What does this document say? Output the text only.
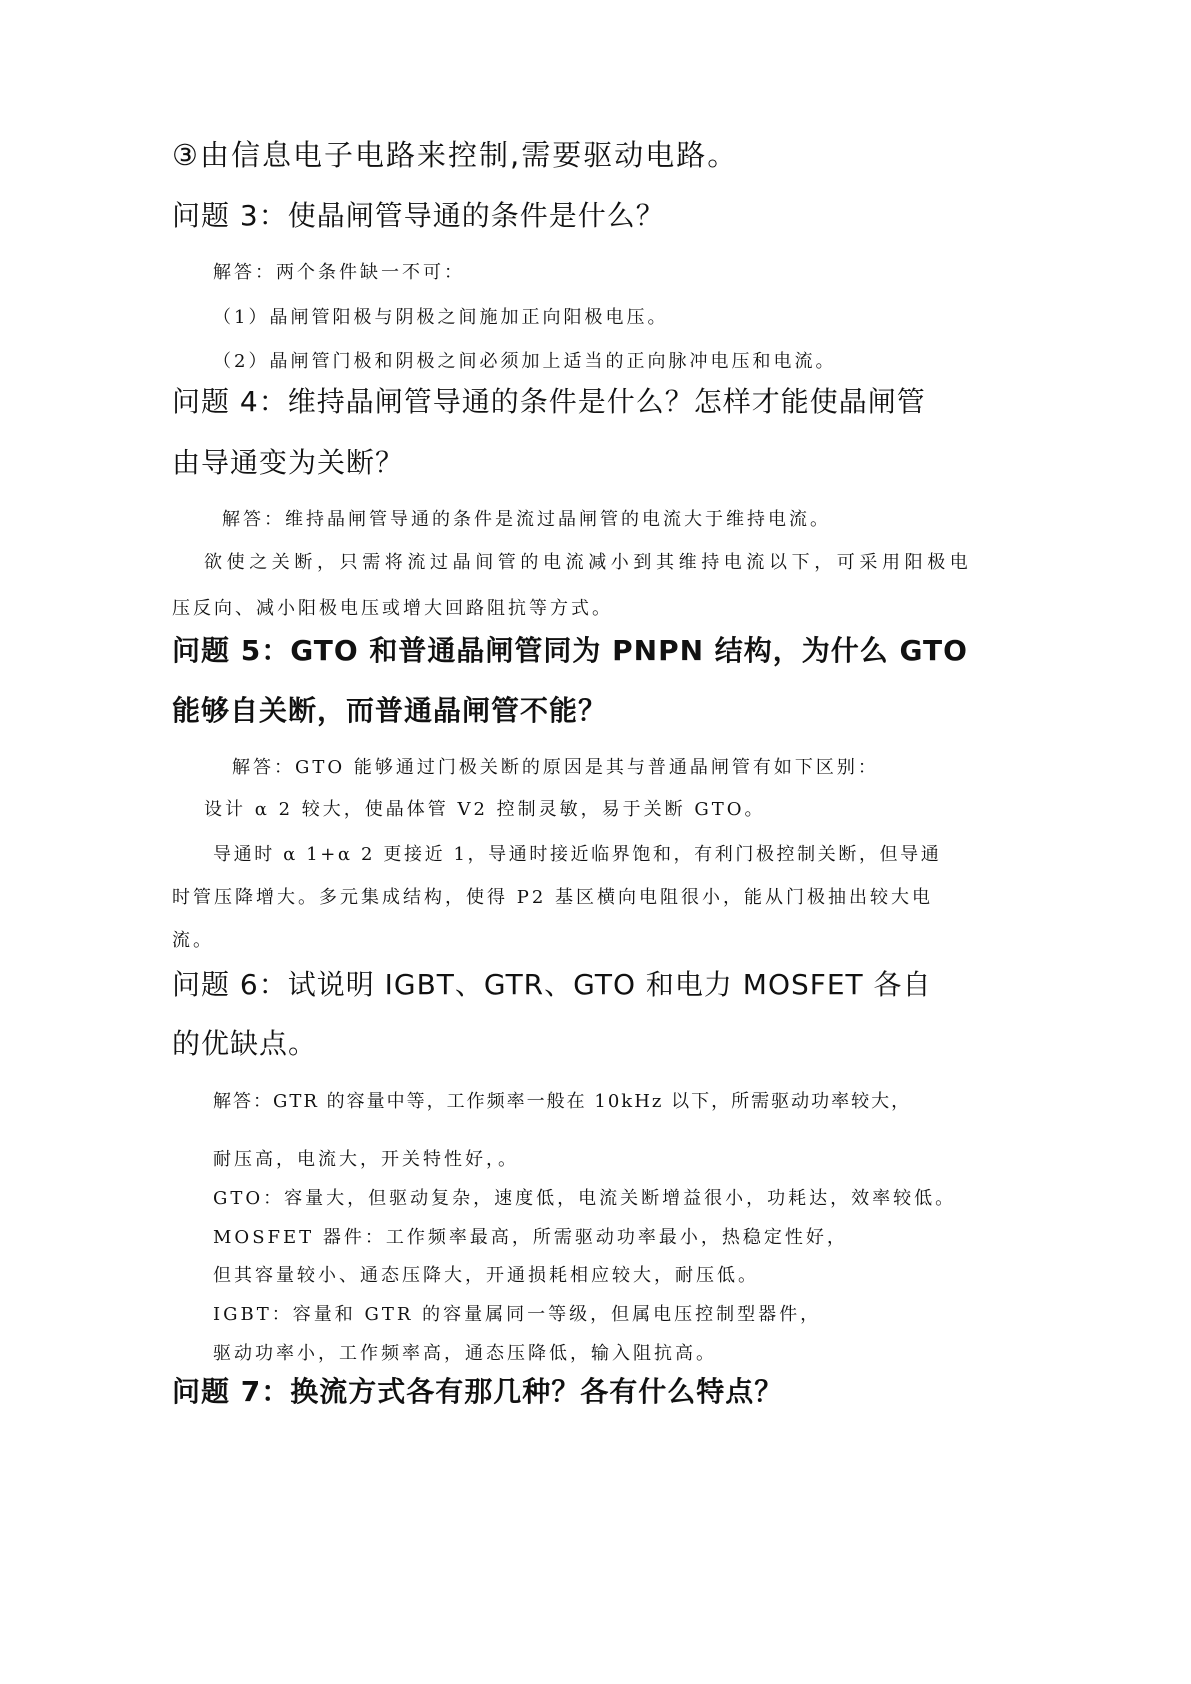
③由信息电子电路来控制,需要驱动电路。
问题 3：使晶闸管导通的条件是什么？
解答：两个条件缺一不可：
（1）晶闸管阳极与阴极之间施加正向阳极电压。
（2）晶闸管门极和阴极之间必须加上适当的正向脉冲电压和电流。
问题 4：维持晶闸管导通的条件是什么？怎样才能使晶闸管
由导通变为关断？
解答：维持晶闸管导通的条件是流过晶闸管的电流大于维持电流。
欲使之关断，只需将流过晶间管的电流减小到其维持电流以下，可采用阳极电
压反向、减小阳极电压或增大回路阻抗等方式。
问题 5：GTO 和普通晶闸管同为 PNPN 结构，为什么 GTO
能够自关断，而普通晶闸管不能？
解答：GTO 能够通过门极关断的原因是其与普通晶闸管有如下区别：
设计 α 2 较大，使晶体管 V2 控制灵敏，易于关断 GTO。
导通时 α 1+α 2 更接近 1，导通时接近临界饱和，有利门极控制关断，但导通
时管压降增大。多元集成结构，使得 P2 基区横向电阻很小，能从门极抽出较大电
流。
问题 6：试说明 IGBT、GTR、GTO 和电力 MOSFET 各自
的优缺点。
解答：GTR 的容量中等，工作频率一般在 10kHz 以下，所需驱动功率较大，
耐压高，电流大，开关特性好，。
GTO：容量大，但驱动复杂，速度低，电流关断增益很小，功耗达，效率较低。
MOSFET 器件：工作频率最高，所需驱动功率最小，热稳定性好，
但其容量较小、通态压降大，开通损耗相应较大，耐压低。
IGBT：容量和 GTR 的容量属同一等级，但属电压控制型器件，
驱动功率小，工作频率高，通态压降低，输入阻抗高。
问题 7：换流方式各有那几种？各有什么特点？
